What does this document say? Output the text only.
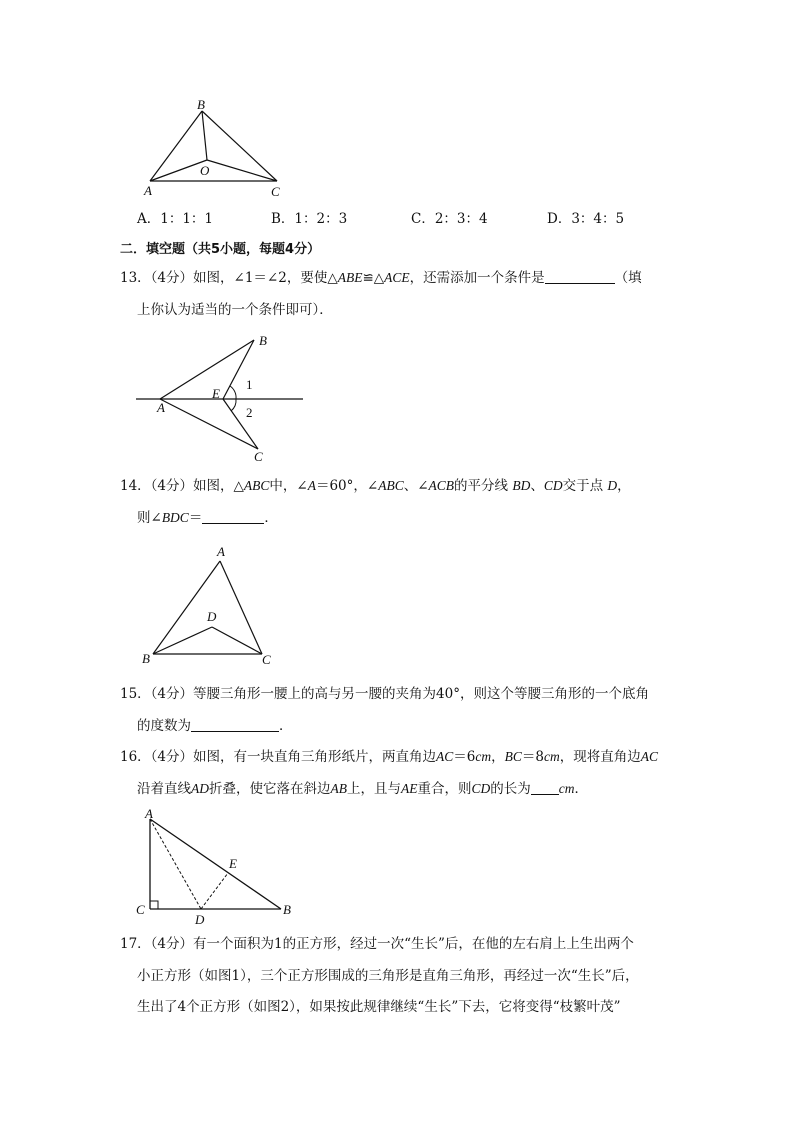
B
O
A	C
A．1：1：1	B．1：2：3	C．2：3：4	D．3：4：5
二．填空题（共5小题，每题4分）
13．（4分）如图，∠1＝∠2，要使△ABE≌△ACE，还需添加一个条件是	（填
上你认为适当的一个条件即可）．
B
A
E
1
2
C
14．（4分）如图，△ABC中，∠A＝60°，∠ABC、∠ACB的平分线 BD、CD交于点 D，
则∠BDC＝	．
A
D
B	C
15．（4分）等腰三角形一腰上的高与另一腰的夹角为40°，则这个等腰三角形的一个底角
的度数为	．
16．（4分）如图，有一块直角三角形纸片，两直角边AC＝6cm，BC＝8cm，现将直角边AC
沿着直线AD折叠，使它落在斜边AB上，且与AE重合，则CD的长为 cm．
A
E
C
D
B
17．（4分）有一个面积为1的正方形，经过一次“生长”后，在他的左右肩上上生出两个
小正方形（如图1），三个正方形围成的三角形是直角三角形，再经过一次“生长”后，
生出了4个正方形（如图2），如果按此规律继续“生长”下去，它将变得“枝繁叶茂”
